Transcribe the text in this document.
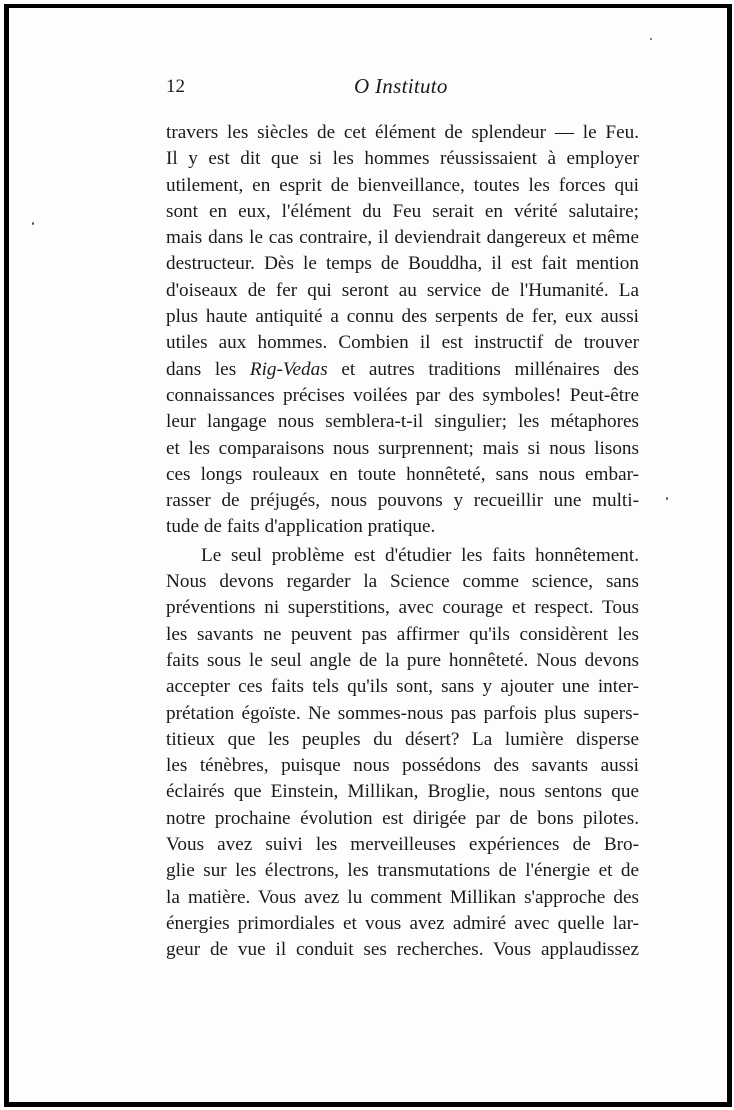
12	O Instituto
travers les siècles de cet élément de splendeur — le Feu.
Il y est dit que si les hommes réussissaient à employer
utilement, en esprit de bienveillance, toutes les forces qui
sont en eux, l'élément du Feu serait en vérité salutaire;
mais dans le cas contraire, il deviendrait dangereux et même
destructeur. Dès le temps de Bouddha, il est fait mention
d'oiseaux de fer qui seront au service de l'Humanité. La
plus haute antiquité a connu des serpents de fer, eux aussi
utiles aux hommes. Combien il est instructif de trouver
dans les Rig-Vedas et autres traditions millénaires des
connaissances précises voilées par des symboles! Peut-être
leur langage nous semblera-t-il singulier; les métaphores
et les comparaisons nous surprennent; mais si nous lisons
ces longs rouleaux en toute honnêteté, sans nous embar-
rasser de préjugés, nous pouvons y recueillir une multi-
tude de faits d'application pratique.
Le seul problème est d'étudier les faits honnêtement.
Nous devons regarder la Science comme science, sans
préventions ni superstitions, avec courage et respect. Tous
les savants ne peuvent pas affirmer qu'ils considèrent les
faits sous le seul angle de la pure honnêteté. Nous devons
accepter ces faits tels qu'ils sont, sans y ajouter une inter-
prétation égoïste. Ne sommes-nous pas parfois plus supers-
titieux que les peuples du désert? La lumière disperse
les ténèbres, puisque nous possédons des savants aussi
éclairés que Einstein, Millikan, Broglie, nous sentons que
notre prochaine évolution est dirigée par de bons pilotes.
Vous avez suivi les merveilleuses expériences de Bro-
glie sur les électrons, les transmutations de l'énergie et de
la matière. Vous avez lu comment Millikan s'approche des
énergies primordiales et vous avez admiré avec quelle lar-
geur de vue il conduit ses recherches. Vous applaudissez
